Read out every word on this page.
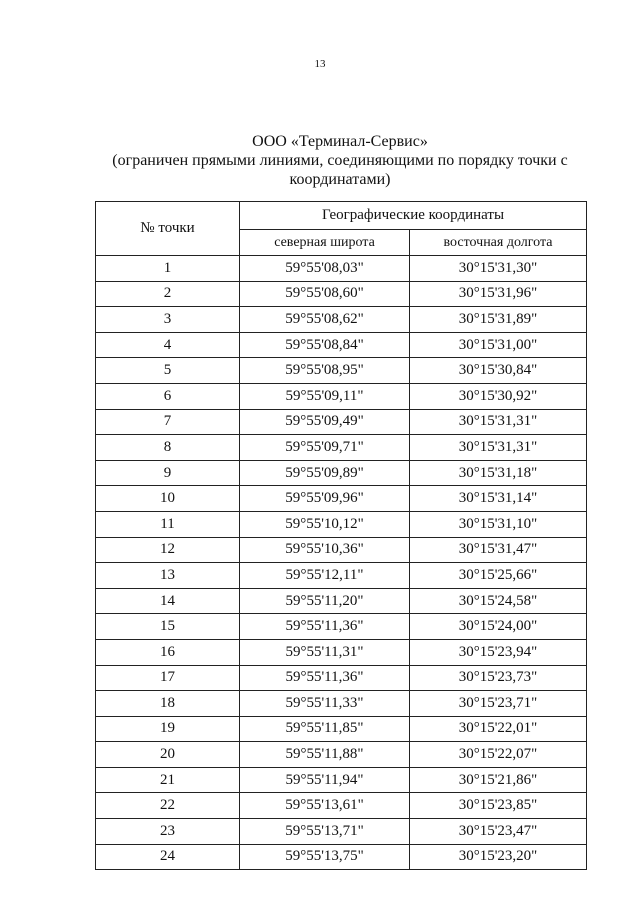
13
ООО «Терминал-Сервис»
(ограничен прямыми линиями, соединяющими по порядку точки с
координатами)
№ точки	Географические координаты	
	северная широта	восточная долгота
1	59°55'08,03"	30°15'31,30"
2	59°55'08,60"	30°15'31,96"
3	59°55'08,62"	30°15'31,89"
4	59°55'08,84"	30°15'31,00"
5	59°55'08,95"	30°15'30,84"
6	59°55'09,11"	30°15'30,92"
7	59°55'09,49"	30°15'31,31"
8	59°55'09,71"	30°15'31,31"
9	59°55'09,89"	30°15'31,18"
10	59°55'09,96"	30°15'31,14"
11	59°55'10,12"	30°15'31,10"
12	59°55'10,36"	30°15'31,47"
13	59°55'12,11"	30°15'25,66"
14	59°55'11,20"	30°15'24,58"
15	59°55'11,36"	30°15'24,00"
16	59°55'11,31"	30°15'23,94"
17	59°55'11,36"	30°15'23,73"
18	59°55'11,33"	30°15'23,71"
19	59°55'11,85"	30°15'22,01"
20	59°55'11,88"	30°15'22,07"
21	59°55'11,94"	30°15'21,86"
22	59°55'13,61"	30°15'23,85"
23	59°55'13,71"	30°15'23,47"
24	59°55'13,75"	30°15'23,20"
